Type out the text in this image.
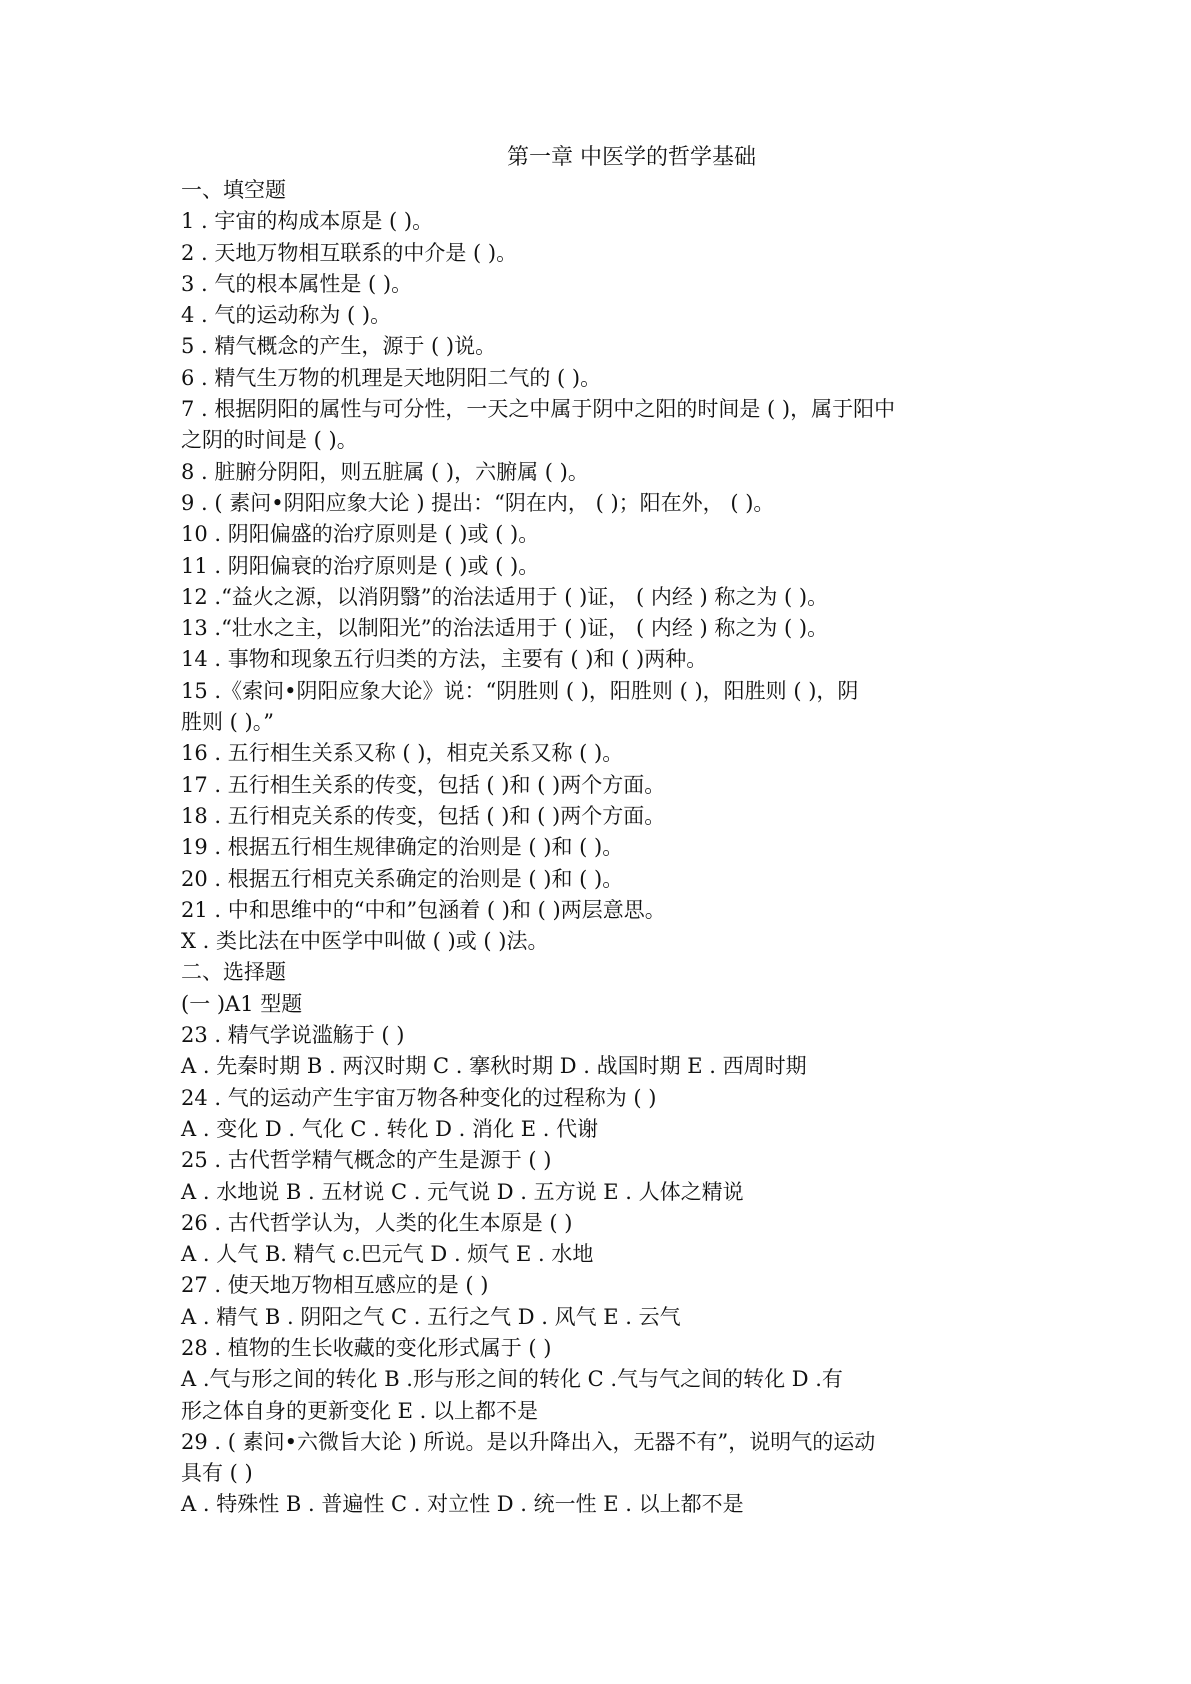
第一章 中医学的哲学基础
一、填空题
1 . 宇宙的构成本原是 ( )。
2 . 天地万物相互联系的中介是 ( )。
3 . 气的根本属性是 ( )。
4 . 气的运动称为 ( )。
5 . 精气概念的产生，源于 ( )说。
6 . 精气生万物的机理是天地阴阳二气的 ( )。
7 . 根据阴阳的属性与可分性，一天之中属于阴中之阳的时间是 ( )，属于阳中
之阴的时间是 ( )。
8 . 脏腑分阴阳，则五脏属 ( )，六腑属 ( )。
9 . ( 素问•阴阳应象大论 ) 提出：“阴在内， ( )；阳在外， ( )。
10 . 阴阳偏盛的治疗原则是 ( )或 ( )。
11 . 阴阳偏衰的治疗原则是 ( )或 ( )。
12 .“益火之源，以消阴翳”的治法适用于 ( )证， ( 内经 ) 称之为 ( )。
13 .“壮水之主，以制阳光”的治法适用于 ( )证， ( 内经 ) 称之为 ( )。
14 . 事物和现象五行归类的方法，主要有 ( )和 ( )两种。
15 .《索问•阴阳应象大论》说：“阴胜则 ( )，阳胜则 ( )，阳胜则 ( )，阴
胜则 ( )。”
16 . 五行相生关系又称 ( )，相克关系又称 ( )。
17 . 五行相生关系的传变，包括 ( )和 ( )两个方面。
18 . 五行相克关系的传变，包括 ( )和 ( )两个方面。
19 . 根据五行相生规律确定的治则是 ( )和 ( )。
20 . 根据五行相克关系确定的治则是 ( )和 ( )。
21 . 中和思维中的“中和”包涵着 ( )和 ( )两层意思。
X . 类比法在中医学中叫做 ( )或 ( )法。
二、选择题
(一 )A1 型题
23 . 精气学说滥觞于 ( )
A . 先秦时期 B . 两汉时期 C . 搴秋时期 D . 战国时期 E . 西周时期
24 . 气的运动产生宇宙万物各种变化的过程称为 ( )
A . 变化 D . 气化 C . 转化 D . 消化 E . 代谢
25 . 古代哲学精气概念的产生是源于 ( )
A . 水地说 B . 五材说 C . 元气说 D . 五方说 E . 人体之精说
26 . 古代哲学认为，人类的化生本原是 ( )
A . 人气 B. 精气 c.巴元气 D . 烦气 E . 水地
27 . 使天地万物相互感应的是 ( )
A . 精气 B . 阴阳之气 C . 五行之气 D . 风气 E . 云气
28 . 植物的生长收藏的变化形式属于 ( )
A .气与形之间的转化 B .形与形之间的转化 C .气与气之间的转化 D .有
形之体自身的更新变化 E . 以上都不是
29 . ( 素问•六微旨大论 ) 所说。是以升降出入，无器不有”，说明气的运动
具有 ( )
A . 特殊性 B . 普遍性 C . 对立性 D . 统一性 E . 以上都不是
